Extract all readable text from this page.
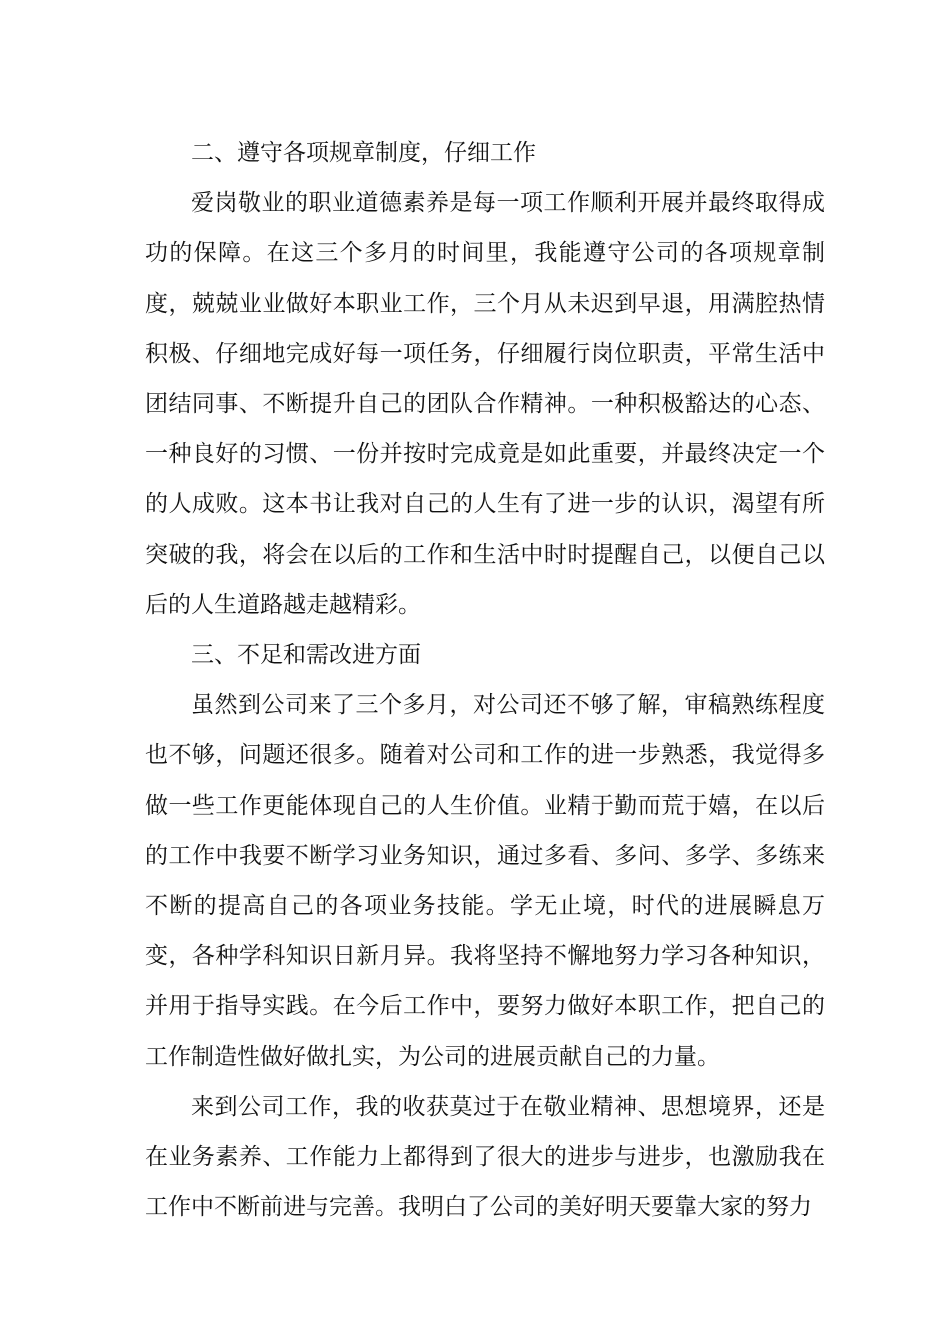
二、遵守各项规章制度，仔细工作

爱岗敬业的职业道德素养是每一项工作顺利开展并最终取得成功的保障。在这三个多月的时间里，我能遵守公司的各项规章制度，兢兢业业做好本职业工作，三个月从未迟到早退，用满腔热情积极、仔细地完成好每一项任务，仔细履行岗位职责，平常生活中团结同事、不断提升自己的团队合作精神。一种积极豁达的心态、一种良好的习惯、一份并按时完成竟是如此重要，并最终决定一个的人成败。这本书让我对自己的人生有了进一步的认识，渴望有所突破的我，将会在以后的工作和生活中时时提醒自己，以便自己以后的人生道路越走越精彩。

三、不足和需改进方面

虽然到公司来了三个多月，对公司还不够了解，审稿熟练程度也不够，问题还很多。随着对公司和工作的进一步熟悉，我觉得多做一些工作更能体现自己的人生价值。业精于勤而荒于嬉，在以后的工作中我要不断学习业务知识，通过多看、多问、多学、多练来不断的提高自己的各项业务技能。学无止境，时代的进展瞬息万变，各种学科知识日新月异。我将坚持不懈地努力学习各种知识，并用于指导实践。在今后工作中，要努力做好本职工作，把自己的工作制造性做好做扎实，为公司的进展贡献自己的力量。

来到公司工作，我的收获莫过于在敬业精神、思想境界，还是在业务素养、工作能力上都得到了很大的进步与进步，也激励我在工作中不断前进与完善。我明白了公司的美好明天要靠大家的努力
